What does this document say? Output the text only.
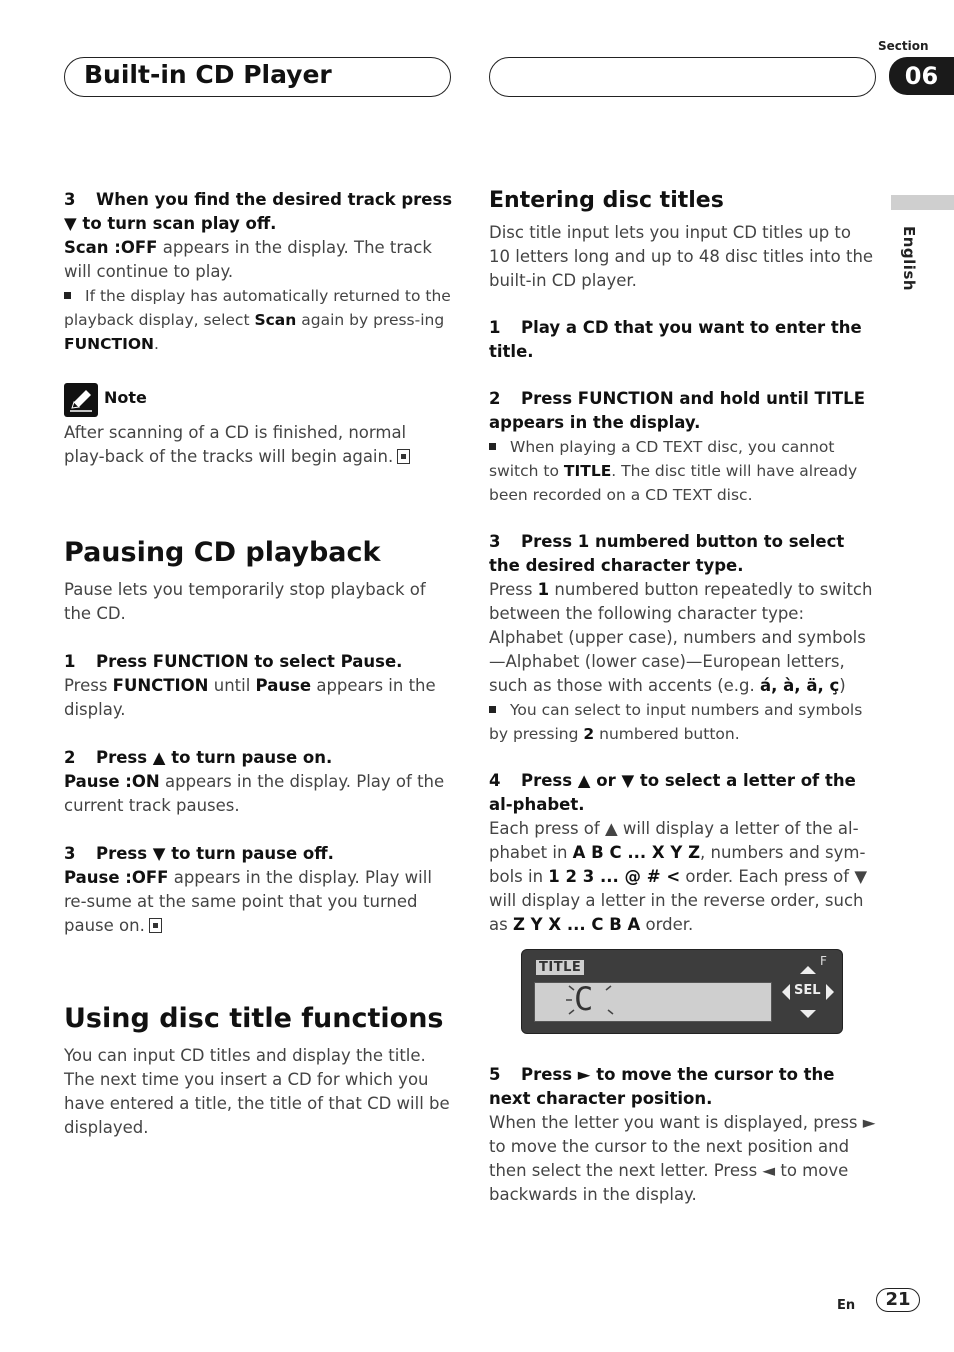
Built-in CD Player
Section
06
English

3 When you find the desired track press ▼ to turn scan play off.

Scan :OFF appears in the display. The track will continue to play.

If the display has automatically returned to the playback display, select Scan again by press-ing FUNCTION.

Note
After scanning of a CD is finished, normal play-back of the tracks will begin again.
Pausing CD playback

Pause lets you temporarily stop playback of the CD.

1 Press FUNCTION to select Pause.

Press FUNCTION until Pause appears in the display.

2 Press ▲ to turn pause on.

Pause :ON appears in the display. Play of the current track pauses.

3 Press ▼ to turn pause off.

Pause :OFF appears in the display. Play will re-sume at the same point that you turned pause on.

Using disc title functions
You can input CD titles and display the title. The next time you insert a CD for which you have entered a title, the title of that CD will be displayed.
Entering disc titles

Disc title input lets you input CD titles up to 10 letters long and up to 48 disc titles into the built-in CD player.

1 Play a CD that you want to enter the title.

2 Press FUNCTION and hold until TITLE appears in the display.

When playing a CD TEXT disc, you cannot switch to TITLE. The disc title will have already been recorded on a CD TEXT disc.

3 Press 1 numbered button to select the desired character type.

Press 1 numbered button repeatedly to switch between the following character type: Alphabet (upper case), numbers and symbols —Alphabet (lower case)—European letters, such as those with accents (e.g. á, à, ä, ç)

You can select to input numbers and symbols by pressing 2 numbered button.

4 Press ▲ or ▼ to select a letter of the al-phabet.

Each press of ▲ will display a letter of the al-phabet in A B C ... X Y Z, numbers and sym-bols in 1 2 3 ... @ # < order. Each press of ▼ will display a letter in the reverse order, such as Z Y X ... C B A order.

TITLE
C
F
SEL

5 Press ► to move the cursor to the next character position.

When the letter you want is displayed, press ► to move the cursor to the next position and then select the next letter. Press ◄ to move backwards in the display.

En	21
